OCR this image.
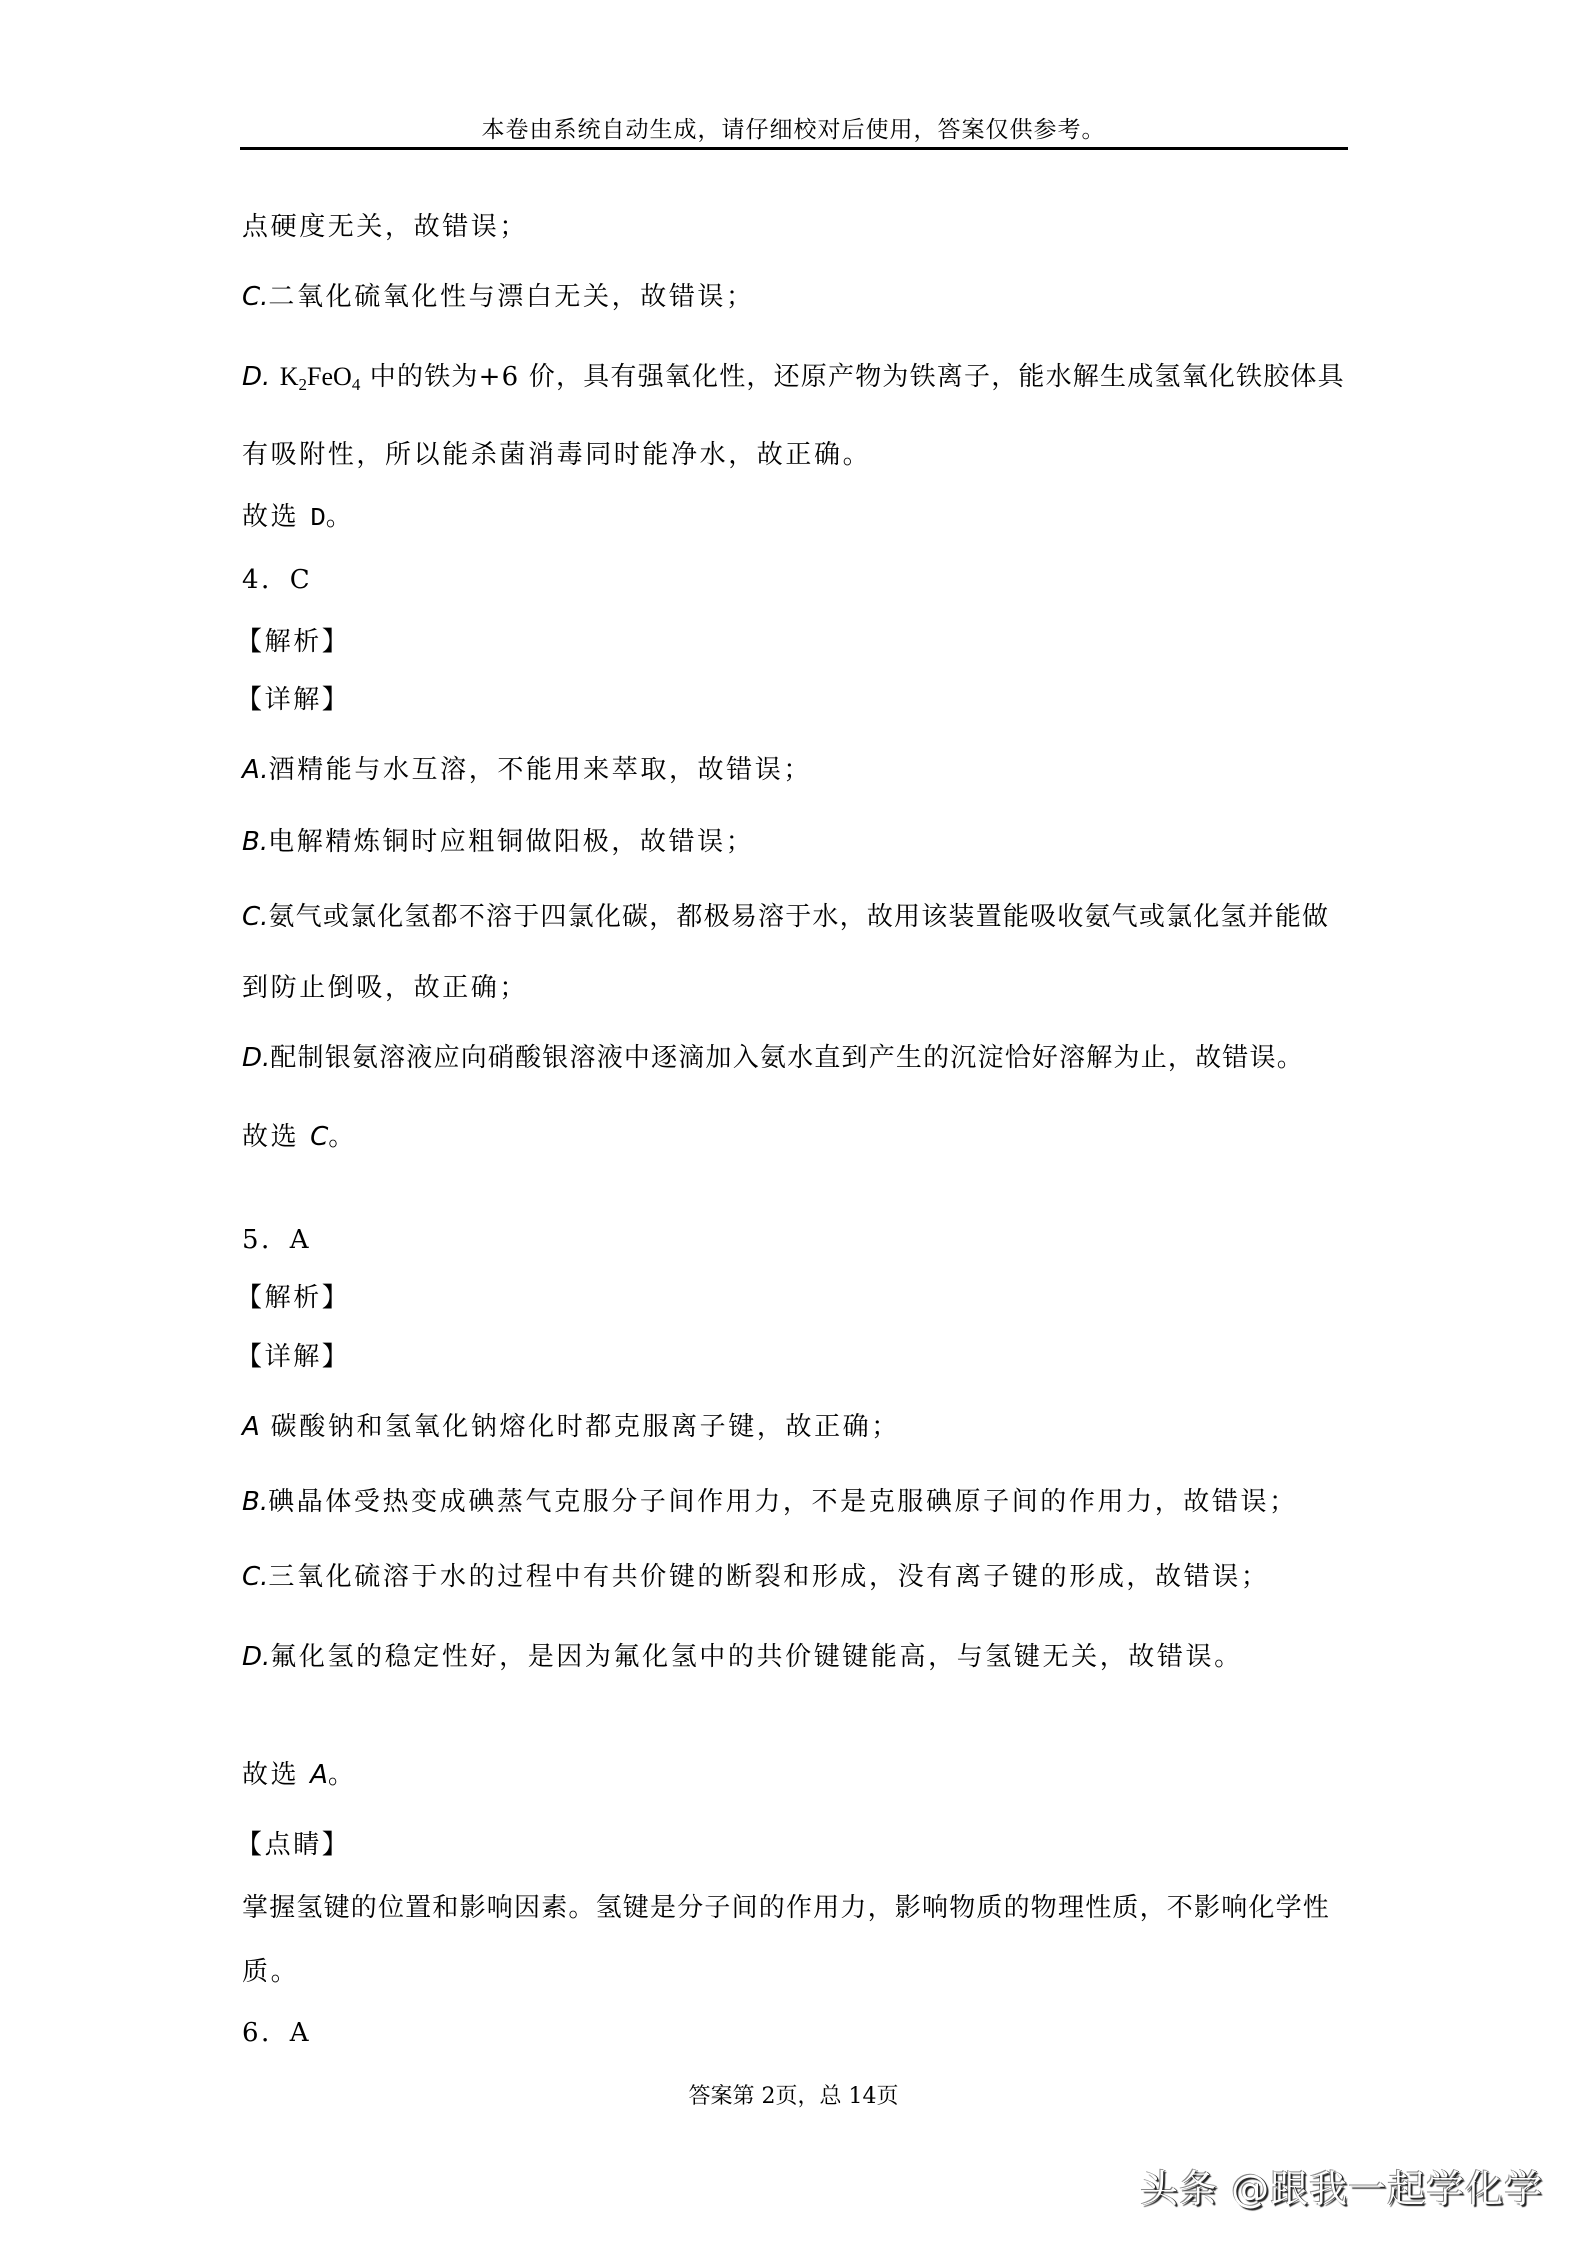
本卷由系统自动生成，请仔细校对后使用，答案仅供参考。
点硬度无关，故错误；
C.二氧化硫氧化性与漂白无关，故错误；
D. $K_2FeO_4$ 中的铁为+6 价，具有强氧化性，还原产物为铁离子，能水解生成氢氧化铁胶体具
有吸附性，所以能杀菌消毒同时能净水，故正确。
故选 D。
4．C
【解析】
【详解】
A.酒精能与水互溶，不能用来萃取，故错误；
B.电解精炼铜时应粗铜做阳极，故错误；
C.氨气或氯化氢都不溶于四氯化碳，都极易溶于水，故用该装置能吸收氨气或氯化氢并能做
到防止倒吸，故正确；
D.配制银氨溶液应向硝酸银溶液中逐滴加入氨水直到产生的沉淀恰好溶解为止，故错误。
故选 C。
5．A
【解析】
【详解】
A 碳酸钠和氢氧化钠熔化时都克服离子键，故正确；
B.碘晶体受热变成碘蒸气克服分子间作用力，不是克服碘原子间的作用力，故错误；
C.三氧化硫溶于水的过程中有共价键的断裂和形成，没有离子键的形成，故错误；
D.氟化氢的稳定性好，是因为氟化氢中的共价键键能高，与氢键无关，故错误。
故选 A。
【点睛】
掌握氢键的位置和影响因素。氢键是分子间的作用力，影响物质的物理性质，不影响化学性
质。
6．A
答案第 2页，总 14页
头条 @跟我一起学化学
